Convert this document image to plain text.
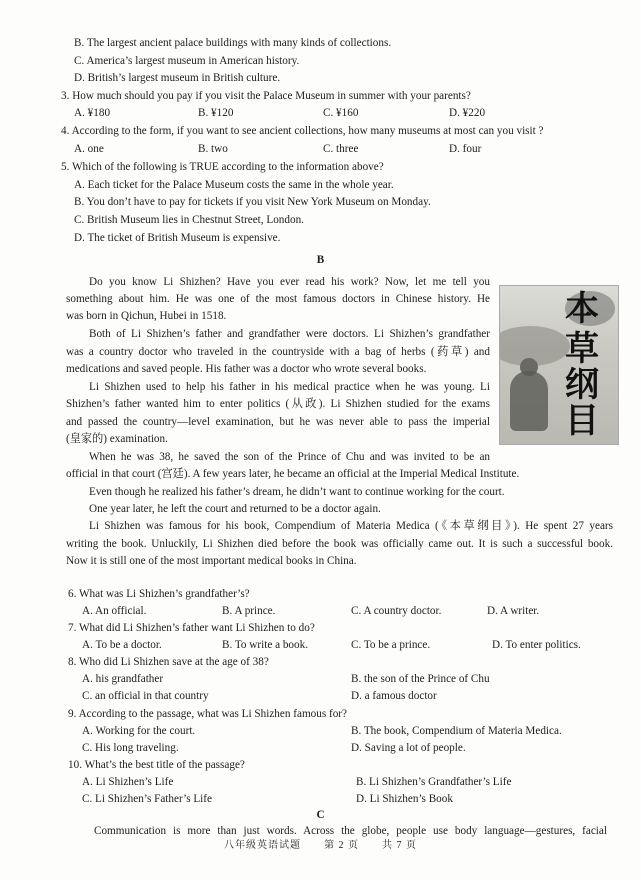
B. The largest ancient palace buildings with many kinds of collections.
C. America’s largest museum in American history.
D. British’s largest museum in British culture.
3. How much should you pay if you visit the Palace Museum in summer with your parents?
A. ¥180	B. ¥120	C. ¥160	D. ¥220
4. According to the form, if you want to see ancient collections, how many museums at most can you visit ?
A. one	B. two	C. three	D. four
5. Which of the following is TRUE according to the information above?
A. Each ticket for the Palace Museum costs the same in the whole year.
B. You don’t have to pay for tickets if you visit New York Museum on Monday.
C. British Museum lies in Chestnut Street, London.
D. The ticket of British Museum is expensive.
B
Do you know Li Shizhen? Have you ever read his work? Now, let me tell you
something about him. He was one of the most famous doctors in Chinese history. He
was born in Qichun, Hubei in 1518.
Both of Li Shizhen’s father and grandfather were doctors. Li Shizhen’s grandfather
was a country doctor who traveled in the countryside with a bag of herbs (药草) and
medications and saved people. His father was a doctor who wrote several books.
Li Shizhen used to help his father in his medical practice when he was young. Li
Shizhen’s father wanted him to enter politics (从政). Li Shizhen studied for the exams
and passed the country—level examination, but he was never able to pass the imperial
(皇家的) examination.
When he was 38, he saved the son of the Prince of Chu and was invited to be an
official in that court (宫廷). A few years later, he became an official at the Imperial Medical Institute.
Even though he realized his father’s dream, he didn’t want to continue working for the court.
One year later, he left the court and returned to be a doctor again.
Li Shizhen was famous for his book, Compendium of Materia Medica (《本草纲目》). He spent 27 years
writing the book. Unluckily, Li Shizhen died before the book was officially came out. It is such a successful book.
Now it is still one of the most important medical books in China.
本
草
纲
目
6. What was Li Shizhen’s grandfather’s?
A. An official.	B. A prince.	C. A country doctor.	D. A writer.
7. What did Li Shizhen’s father want Li Shizhen to do?
A. To be a doctor.	B. To write a book.	C. To be a prince.	D. To enter politics.
8. Who did Li Shizhen save at the age of 38?
A. his grandfather	B. the son of the Prince of Chu
C. an official in that country	D. a famous doctor
9. According to the passage, what was Li Shizhen famous for?
A. Working for the court.	B. The book, Compendium of Materia Medica.
C. His long traveling.	D. Saving a lot of people.
10. What’s the best title of the passage?
A. Li Shizhen’s Life	B. Li Shizhen’s Grandfather’s Life
C. Li Shizhen’s Father’s Life	D. Li Shizhen’s Book
C
Communication is more than just words. Across the globe, people use body language—gestures, facial
八年级英语试题 第 2 页 共 7 页
